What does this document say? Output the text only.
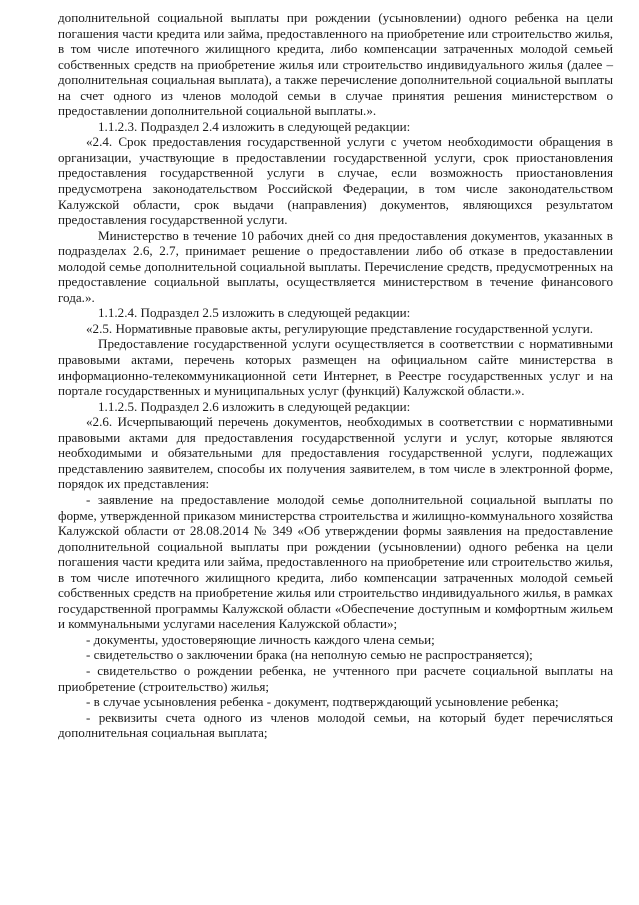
дополнительной социальной выплаты при рождении (усыновлении) одного ребенка на цели погашения части кредита или займа, предоставленного на приобретение или строительство жилья, в том числе ипотечного жилищного кредита, либо компенсации затраченных молодой семьей собственных средств на приобретение жилья или строительство индивидуального жилья (далее – дополнительная социальная выплата), а также перечисление дополнительной социальной выплаты на счет одного из членов молодой семьи в случае принятия решения министерством о предоставлении дополнительной социальной выплаты.».

1.1.2.3. Подраздел 2.4 изложить в следующей редакции:

«2.4. Срок предоставления государственной услуги с учетом необходимости обращения в организации, участвующие в предоставлении государственной услуги, срок приостановления предоставления государственной услуги в случае, если возможность приостановления предусмотрена законодательством Российской Федерации, в том числе законодательством Калужской области, срок выдачи (направления) документов, являющихся результатом предоставления государственной услуги.

Министерство в течение 10 рабочих дней со дня предоставления документов, указанных в подразделах 2.6, 2.7, принимает решение о предоставлении либо об отказе в предоставлении молодой семье дополнительной социальной выплаты. Перечисление средств, предусмотренных на предоставление социальной выплаты, осуществляется министерством в течение финансового года.».

1.1.2.4. Подраздел 2.5 изложить в следующей редакции:

«2.5. Нормативные правовые акты, регулирующие представление государственной услуги.

Предоставление государственной услуги осуществляется в соответствии с нормативными правовыми актами, перечень которых размещен на официальном сайте министерства в информационно-телекоммуникационной сети Интернет, в Реестре государственных услуг и на портале государственных и муниципальных услуг (функций) Калужской области.».

1.1.2.5. Подраздел 2.6 изложить в следующей редакции:

«2.6. Исчерпывающий перечень документов, необходимых в соответствии с нормативными правовыми актами для предоставления государственной услуги и услуг, которые являются необходимыми и обязательными для предоставления государственной услуги, подлежащих представлению заявителем, способы их получения заявителем, в том числе в электронной форме, порядок их представления:

- заявление на предоставление молодой семье дополнительной социальной выплаты по форме, утвержденной приказом министерства строительства и жилищно-коммунального хозяйства Калужской области от 28.08.2014 № 349 «Об утверждении формы заявления на предоставление дополнительной социальной выплаты при рождении (усыновлении) одного ребенка на цели погашения части кредита или займа, предоставленного на приобретение или строительство жилья, в том числе ипотечного жилищного кредита, либо компенсации затраченных молодой семьей собственных средств на приобретение жилья или строительство индивидуального жилья, в рамках государственной программы Калужской области «Обеспечение доступным и комфортным жильем и коммунальными услугами населения Калужской области»;

- документы, удостоверяющие личность каждого члена семьи;

- свидетельство о заключении брака (на неполную семью не распространяется);

- свидетельство о рождении ребенка, не учтенного при расчете социальной выплаты на приобретение (строительство) жилья;

- в случае усыновления ребенка - документ, подтверждающий усыновление ребенка;

- реквизиты счета одного из членов молодой семьи, на который будет перечисляться дополнительная социальная выплата;
